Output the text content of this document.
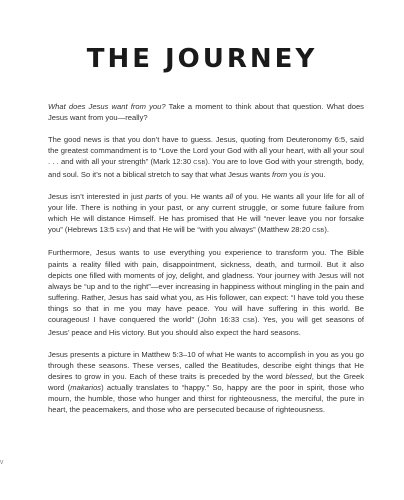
THE JOURNEY

What does Jesus want from you? Take a moment to think about that question. What does Jesus want from you—really?

The good news is that you don’t have to guess. Jesus, quoting from Deuteronomy 6:5, said the greatest commandment is to “Love the Lord your God with all your heart, with all your soul . . . and with all your strength” (Mark 12:30 CSB). You are to love God with your strength, body, and soul. So it’s not a biblical stretch to say that what Jesus wants from you is you.

Jesus isn’t interested in just parts of you. He wants all of you. He wants all your life for all of your life. There is nothing in your past, or any current struggle, or some future failure from which He will distance Himself. He has promised that He will “never leave you nor forsake you” (Hebrews 13:5 ESV) and that He will be “with you always” (Matthew 28:20 CSB).

Furthermore, Jesus wants to use everything you experience to transform you. The Bible paints a reality filled with pain, disappointment, sickness, death, and turmoil. But it also depicts one filled with moments of joy, delight, and gladness. Your journey with Jesus will not always be “up and to the right”—ever increasing in happiness without mingling in the pain and suffering. Rather, Jesus has said what you, as His follower, can expect: “I have told you these things so that in me you may have peace. You will have suffering in this world. Be courageous! I have conquered the world” (John 16:33 CSB). Yes, you will get seasons of Jesus’ peace and His victory. But you should also expect the hard seasons.

Jesus presents a picture in Matthew 5:3–10 of what He wants to accomplish in you as you go through these seasons. These verses, called the Beatitudes, describe eight things that He desires to grow in you. Each of these traits is preceded by the word blessed, but the Greek word (makarios) actually translates to “happy.” So, happy are the poor in spirit, those who mourn, the humble, those who hunger and thirst for righteousness, the merciful, the pure in heart, the peacemakers, and those who are persecuted because of righteousness.

V
